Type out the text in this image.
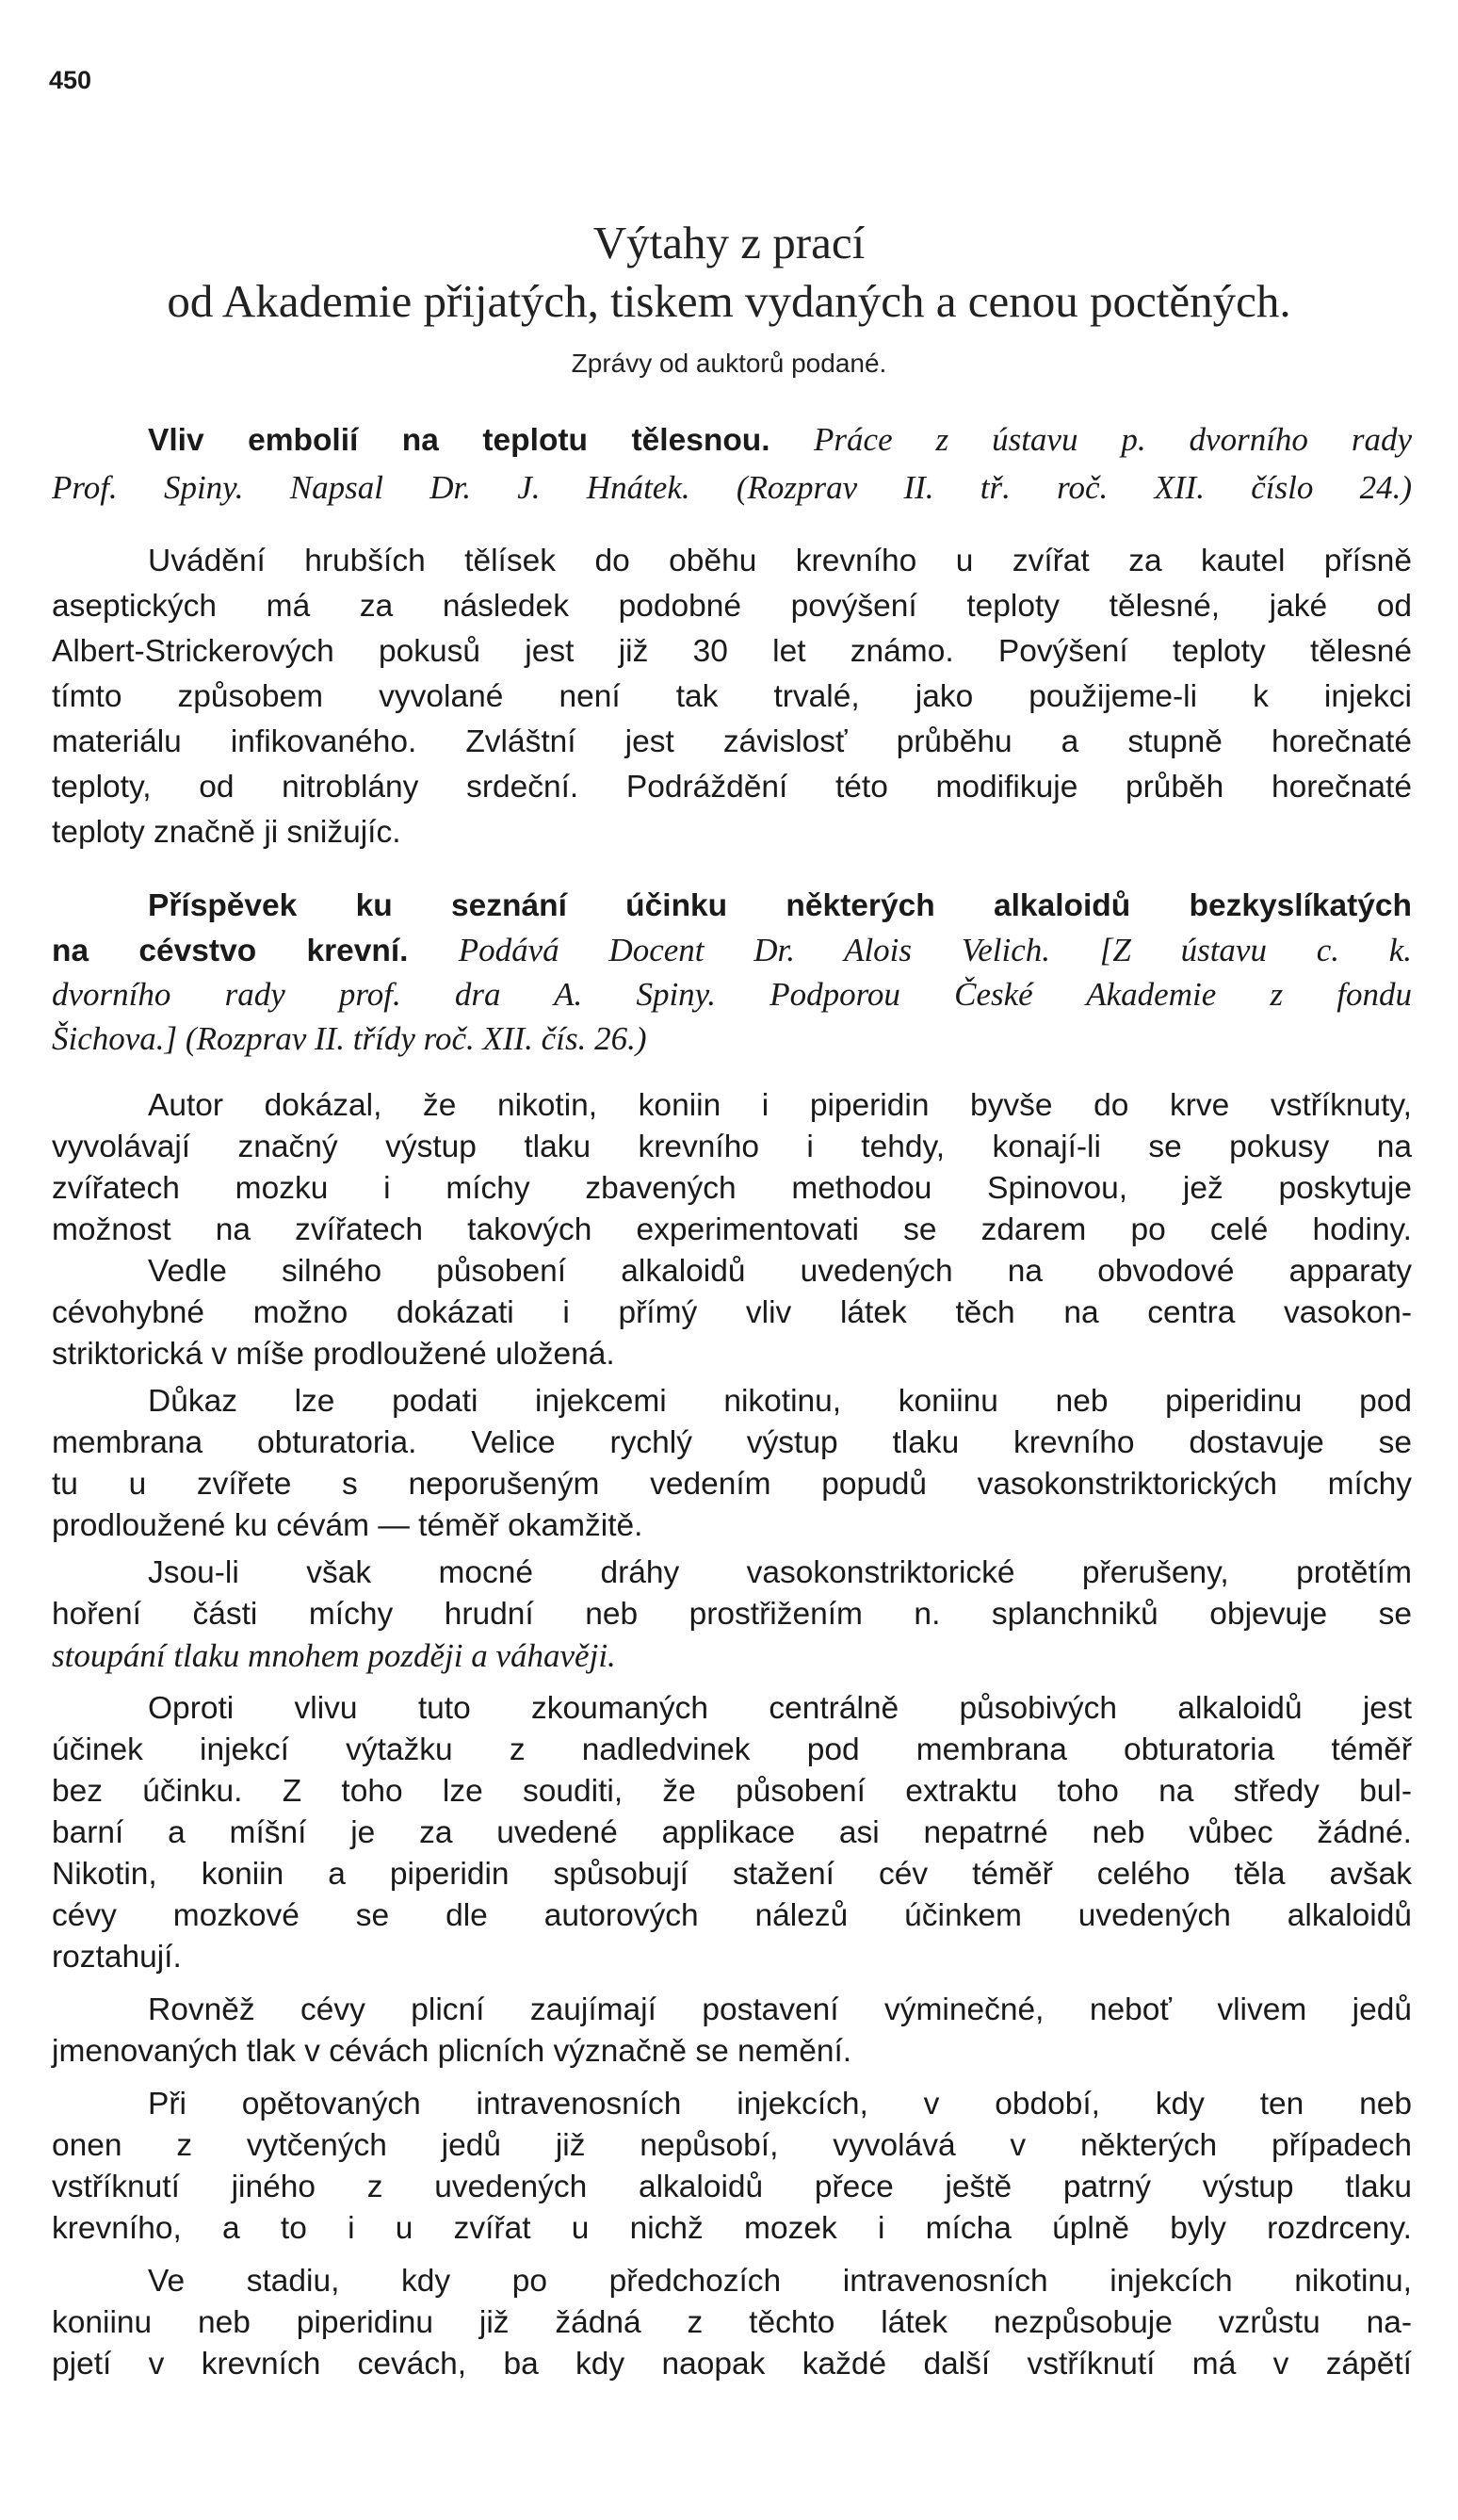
450
Výtahy z prací
od Akademie přijatých, tiskem vydaných a cenou poctěných.
Zprávy od auktorů podané.
Vliv embolií na teplotu tělesnou. Práce z ústavu p. dvorního rady
Prof. Spiny. Napsal Dr. J. Hnátek. (Rozprav II. tř. roč. XII. číslo 24.)
Uvádění hrubších tělísek do oběhu krevního u zvířat za kautel přísně
aseptických má za následek podobné povýšení teploty tělesné, jaké od
Albert-Strickerových pokusů jest již 30 let známo. Povýšení teploty tělesné
tímto způsobem vyvolané není tak trvalé, jako použijeme-li k injekci
materiálu infikovaného. Zvláštní jest závislosť průběhu a stupně horečnaté
teploty, od nitroblány srdeční. Podráždění této modifikuje průběh horečnaté
teploty značně ji snižujíc.
Příspěvek ku seznání účinku některých alkaloidů bezkyslíkatých
na cévstvo krevní. Podává Docent Dr. Alois Velich. [Z ústavu c. k.
dvorního rady prof. dra A. Spiny. Podporou České Akademie z fondu
Šichova.] (Rozprav II. třídy roč. XII. čís. 26.)
Autor dokázal, že nikotin, koniin i piperidin byvše do krve vstříknuty,
vyvolávají značný výstup tlaku krevního i tehdy, konají-li se pokusy na
zvířatech mozku i míchy zbavených methodou Spinovou, jež poskytuje
možnost na zvířatech takových experimentovati se zdarem po celé hodiny.
Vedle silného působení alkaloidů uvedených na obvodové apparaty
cévohybné možno dokázati i přímý vliv látek těch na centra vasokon-
striktorická v míše prodloužené uložená.
Důkaz lze podati injekcemi nikotinu, koniinu neb piperidinu pod
membrana obturatoria. Velice rychlý výstup tlaku krevního dostavuje se
tu u zvířete s neporušeným vedením popudů vasokonstriktorických míchy
prodloužené ku cévám — téměř okamžitě.
Jsou-li však mocné dráhy vasokonstriktorické přerušeny, protětím
hoření části míchy hrudní neb prostřižením n. splanchniků objevuje se
stoupání tlaku mnohem později a váhavěji.
Oproti vlivu tuto zkoumaných centrálně působivých alkaloidů jest
účinek injekcí výtažku z nadledvinek pod membrana obturatoria téměř
bez účinku. Z toho lze souditi, že působení extraktu toho na středy bul-
barní a míšní je za uvedené applikace asi nepatrné neb vůbec žádné.
Nikotin, koniin a piperidin spůsobují stažení cév téměř celého těla avšak
cévy mozkové se dle autorových nálezů účinkem uvedených alkaloidů
roztahují.
Rovněž cévy plicní zaujímají postavení výminečné, neboť vlivem jedů
jmenovaných tlak v cévách plicních význačně se nemění.
Při opětovaných intravenosních injekcích, v období, kdy ten neb
onen z vytčených jedů již nepůsobí, vyvolává v některých případech
vstříknutí jiného z uvedených alkaloidů přece ještě patrný výstup tlaku
krevního, a to i u zvířat u nichž mozek i mícha úplně byly rozdrceny.
Ve stadiu, kdy po předchozích intravenosních injekcích nikotinu,
koniinu neb piperidinu již žádná z těchto látek nezpůsobuje vzrůstu na-
pjetí v krevních cevách, ba kdy naopak každé další vstříknutí má v zápětí
